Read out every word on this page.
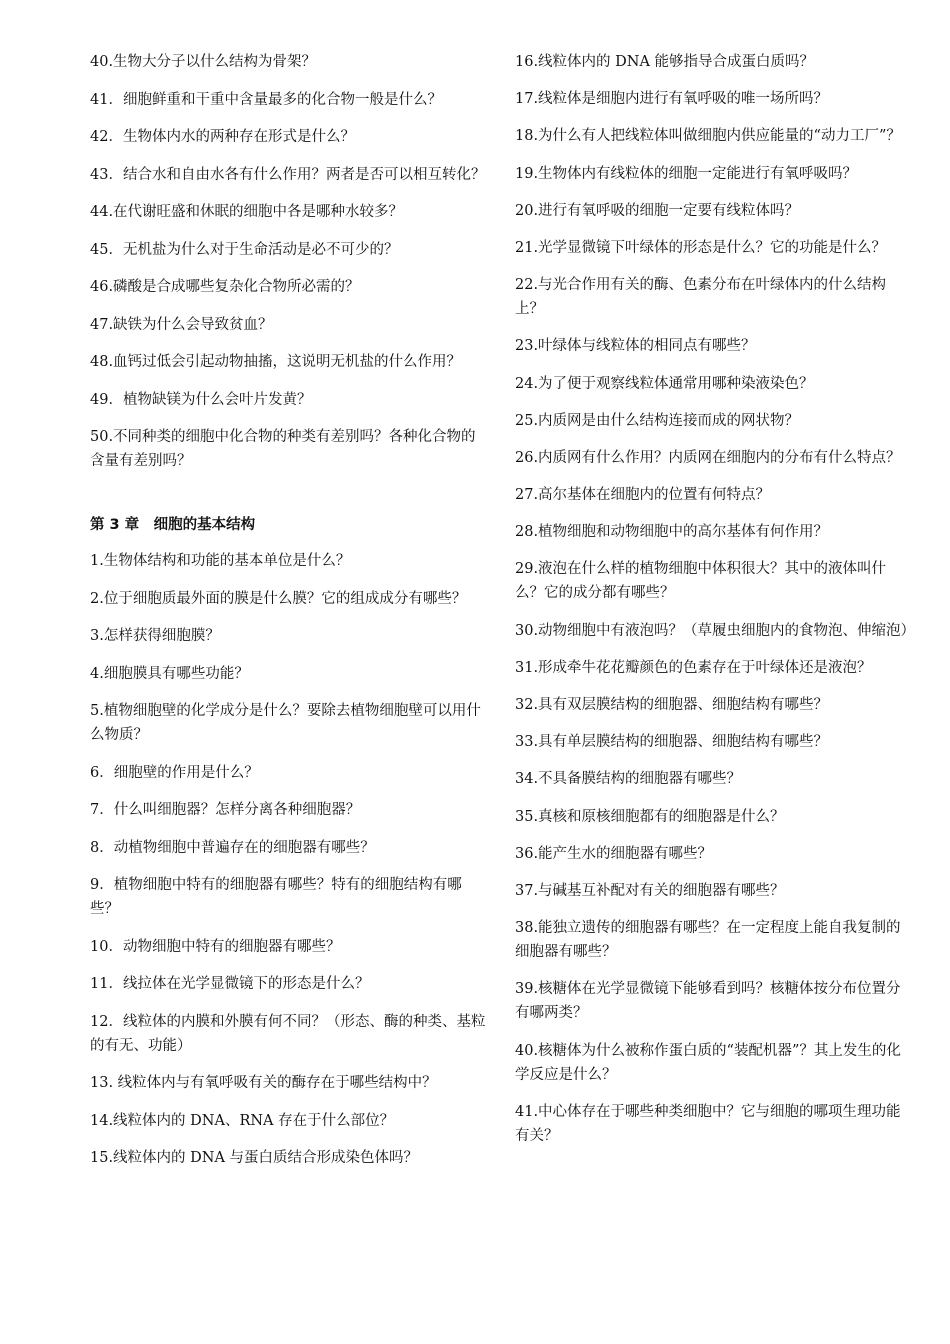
40.生物大分子以什么结构为骨架？
41．细胞鲜重和干重中含量最多的化合物一般是什么？
42．生物体内水的两种存在形式是什么？
43．结合水和自由水各有什么作用？两者是否可以相互转化？
44.在代谢旺盛和休眠的细胞中各是哪种水较多？
45．无机盐为什么对于生命活动是必不可少的？
46.磷酸是合成哪些复杂化合物所必需的？
47.缺铁为什么会导致贫血？
48.血钙过低会引起动物抽搐，这说明无机盐的什么作用？
49．植物缺镁为什么会叶片发黄？
50.不同种类的细胞中化合物的种类有差别吗？各种化合物的含量有差别吗？
第 3 章　细胞的基本结构
1.生物体结构和功能的基本单位是什么？
2.位于细胞质最外面的膜是什么膜？它的组成成分有哪些？
3.怎样获得细胞膜？
4.细胞膜具有哪些功能？
5.植物细胞壁的化学成分是什么？要除去植物细胞壁可以用什么物质？
6．细胞壁的作用是什么？
7．什么叫细胞器？怎样分离各种细胞器？
8．动植物细胞中普遍存在的细胞器有哪些？
9．植物细胞中特有的细胞器有哪些？特有的细胞结构有哪些？
10．动物细胞中特有的细胞器有哪些？
11．线拉体在光学显微镜下的形态是什么？
12．线粒体的内膜和外膜有何不同？（形态、酶的种类、基粒的有无、功能）
13. 线粒体内与有氧呼吸有关的酶存在于哪些结构中？
14.线粒体内的 DNA、RNA 存在于什么部位？
15.线粒体内的 DNA 与蛋白质结合形成染色体吗？
16.线粒体内的 DNA 能够指导合成蛋白质吗？
17.线粒体是细胞内进行有氧呼吸的唯一场所吗？
18.为什么有人把线粒体叫做细胞内供应能量的“动力工厂”？
19.生物体内有线粒体的细胞一定能进行有氧呼吸吗？
20.进行有氧呼吸的细胞一定要有线粒体吗？
21.光学显微镜下叶绿体的形态是什么？它的功能是什么？
22.与光合作用有关的酶、色素分布在叶绿体内的什么结构上？
23.叶绿体与线粒体的相同点有哪些？
24.为了便于观察线粒体通常用哪种染液染色？
25.内质网是由什么结构连接而成的网状物？
26.内质网有什么作用？内质网在细胞内的分布有什么特点？
27.高尔基体在细胞内的位置有何特点？
28.植物细胞和动物细胞中的高尔基体有何作用？
29.液泡在什么样的植物细胞中体积很大？其中的液体叫什么？它的成分都有哪些？
30.动物细胞中有液泡吗？（草履虫细胞内的食物泡、伸缩泡）
31.形成牵牛花花瓣颜色的色素存在于叶绿体还是液泡？
32.具有双层膜结构的细胞器、细胞结构有哪些？
33.具有单层膜结构的细胞器、细胞结构有哪些？
34.不具备膜结构的细胞器有哪些？
35.真核和原核细胞都有的细胞器是什么？
36.能产生水的细胞器有哪些？
37.与碱基互补配对有关的细胞器有哪些？
38.能独立遗传的细胞器有哪些？在一定程度上能自我复制的细胞器有哪些？
39.核糖体在光学显微镜下能够看到吗？核糖体按分布位置分有哪两类？
40.核糖体为什么被称作蛋白质的“装配机器”？其上发生的化学反应是什么？
41.中心体存在于哪些种类细胞中？它与细胞的哪项生理功能有关？
